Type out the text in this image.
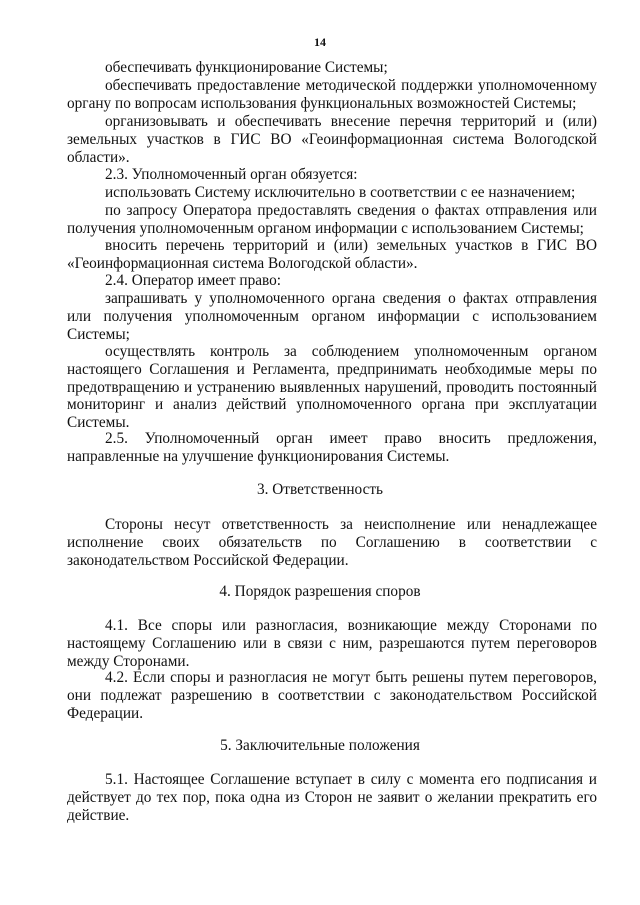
14

обеспечивать функционирование Системы;

обеспечивать предоставление методической поддержки уполномоченному органу по вопросам использования функциональных возможностей Системы;

организовывать и обеспечивать внесение перечня территорий и (или) земельных участков в ГИС ВО «Геоинформационная система Вологодской области».

2.3. Уполномоченный орган обязуется:

использовать Систему исключительно в соответствии с ее назначением;

по запросу Оператора предоставлять сведения о фактах отправления или получения уполномоченным органом информации с использованием Системы;

вносить перечень территорий и (или) земельных участков в ГИС ВО «Геоинформационная система Вологодской области».

2.4. Оператор имеет право:

запрашивать у уполномоченного органа сведения о фактах отправления или получения уполномоченным органом информации с использованием Системы;

осуществлять контроль за соблюдением уполномоченным органом настоящего Соглашения и Регламента, предпринимать необходимые меры по предотвращению и устранению выявленных нарушений, проводить постоянный мониторинг и анализ действий уполномоченного органа при эксплуатации Системы.

2.5. Уполномоченный орган имеет право вносить предложения, направленные на улучшение функционирования Системы.

3. Ответственность

Стороны несут ответственность за неисполнение или ненадлежащее исполнение своих обязательств по Соглашению в соответствии с законодательством Российской Федерации.

4. Порядок разрешения споров

4.1. Все споры или разногласия, возникающие между Сторонами по настоящему Соглашению или в связи с ним, разрешаются путем переговоров между Сторонами.

4.2. Если споры и разногласия не могут быть решены путем переговоров, они подлежат разрешению в соответствии с законодательством Российской Федерации.

5. Заключительные положения

5.1. Настоящее Соглашение вступает в силу с момента его подписания и действует до тех пор, пока одна из Сторон не заявит о желании прекратить его действие.
